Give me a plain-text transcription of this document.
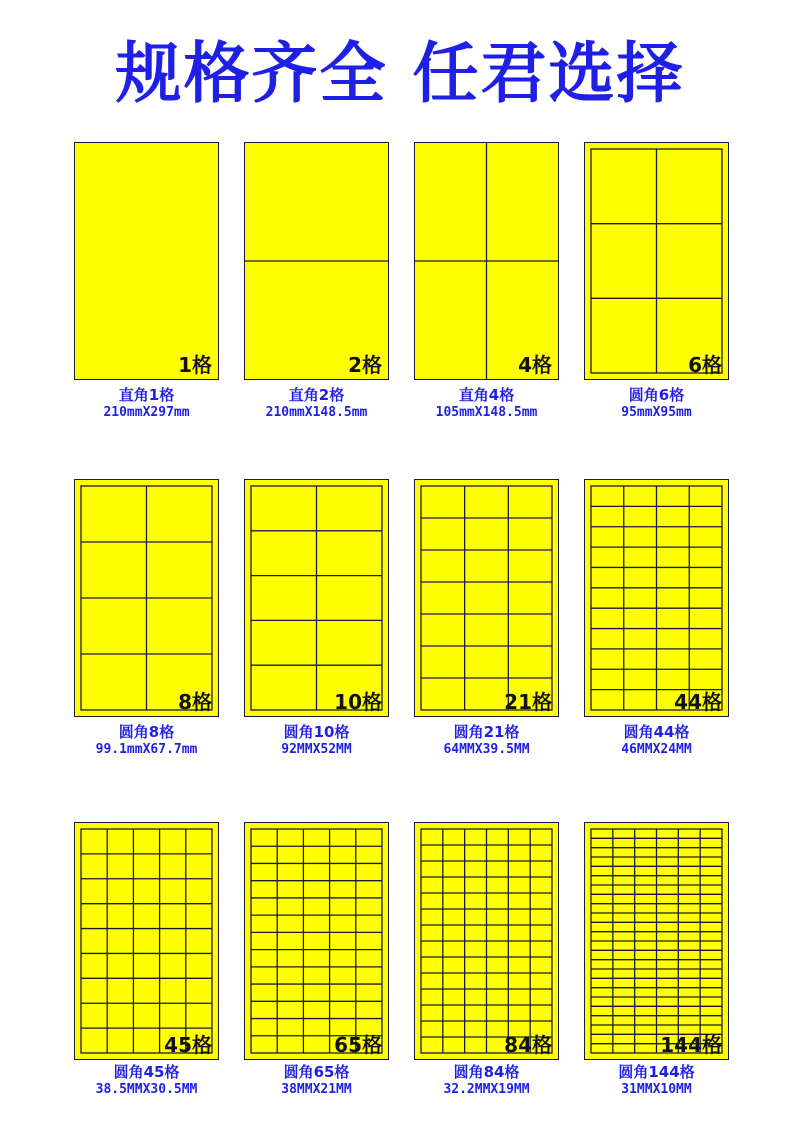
规格齐全 任君选择
1格
直角1格
210mmX297mm
2格
直角2格
210mmX148.5mm
4格
直角4格
105mmX148.5mm
6格
圆角6格
95mmX95mm
8格
圆角8格
99.1mmX67.7mm
10格
圆角10格
92MMX52MM
21格
圆角21格
64MMX39.5MM
44格
圆角44格
46MMX24MM
45格
圆角45格
38.5MMX30.5MM
65格
圆角65格
38MMX21MM
84格
圆角84格
32.2MMX19MM
144格
圆角144格
31MMX10MM
